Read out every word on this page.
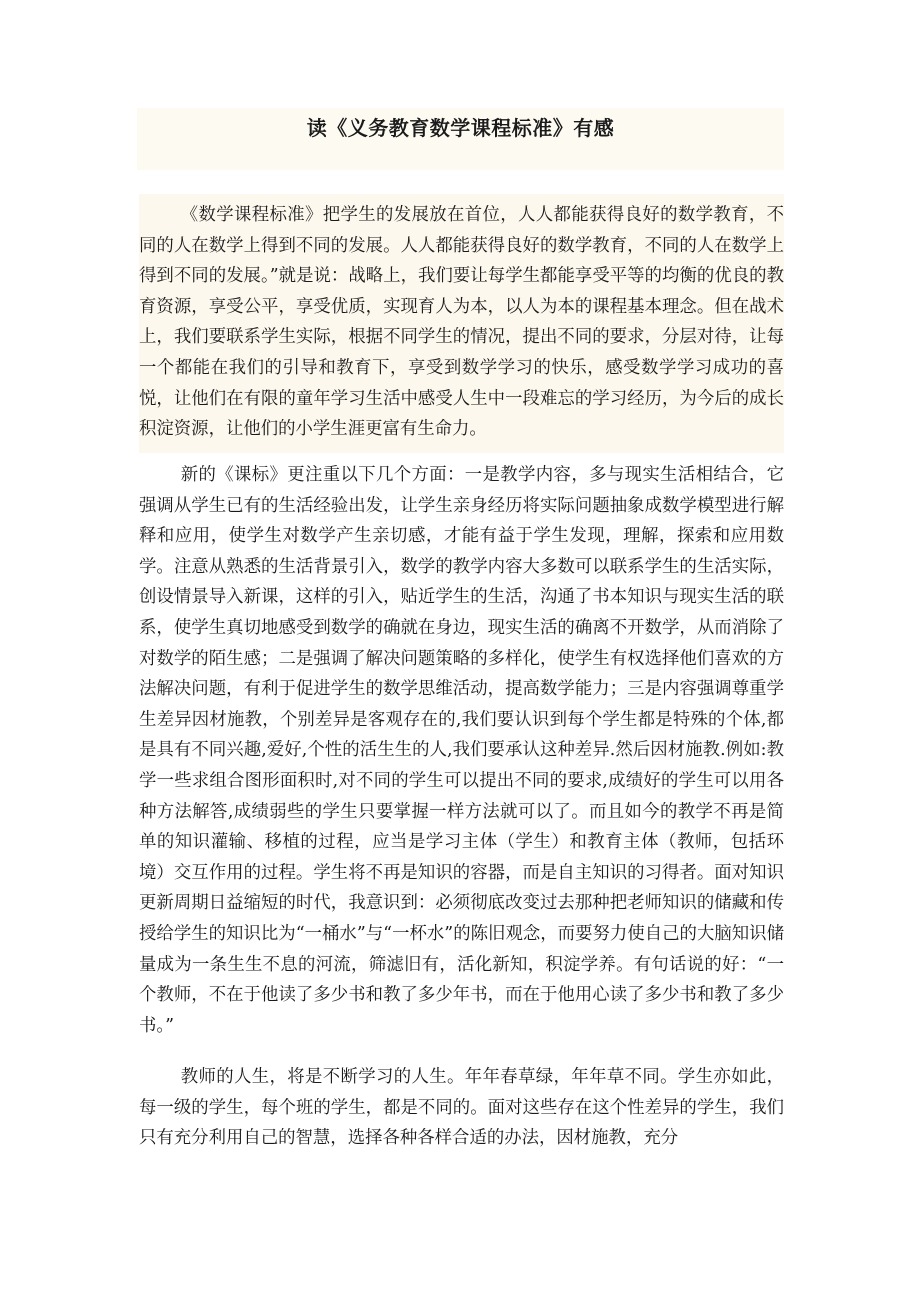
读《义务教育数学课程标准》有感

《数学课程标准》把学生的发展放在首位，人人都能获得良好的数学教育，不同的人在数学上得到不同的发展。人人都能获得良好的数学教育，不同的人在数学上得到不同的发展。”就是说：战略上，我们要让每学生都能享受平等的均衡的优良的教育资源，享受公平，享受优质，实现育人为本，以人为本的课程基本理念。但在战术上，我们要联系学生实际，根据不同学生的情况，提出不同的要求，分层对待，让每一个都能在我们的引导和教育下，享受到数学学习的快乐，感受数学学习成功的喜悦，让他们在有限的童年学习生活中感受人生中一段难忘的学习经历，为今后的成长积淀资源，让他们的小学生涯更富有生命力。

新的《课标》更注重以下几个方面：一是教学内容，多与现实生活相结合，它强调从学生已有的生活经验出发，让学生亲身经历将实际问题抽象成数学模型进行解释和应用，使学生对数学产生亲切感，才能有益于学生发现，理解，探索和应用数学。注意从熟悉的生活背景引入，数学的教学内容大多数可以联系学生的生活实际，创设情景导入新课，这样的引入，贴近学生的生活，沟通了书本知识与现实生活的联系，使学生真切地感受到数学的确就在身边，现实生活的确离不开数学，从而消除了对数学的陌生感；二是强调了解决问题策略的多样化，使学生有权选择他们喜欢的方法解决问题，有利于促进学生的数学思维活动，提高数学能力；三是内容强调尊重学生差异因材施教，个别差异是客观存在的,我们要认识到每个学生都是特殊的个体,都是具有不同兴趣,爱好,个性的活生生的人,我们要承认这种差异.然后因材施教.例如:教学一些求组合图形面积时,对不同的学生可以提出不同的要求,成绩好的学生可以用各种方法解答,成绩弱些的学生只要掌握一样方法就可以了。而且如今的教学不再是简单的知识灌输、移植的过程，应当是学习主体（学生）和教育主体（教师，包括环境）交互作用的过程。学生将不再是知识的容器，而是自主知识的习得者。面对知识更新周期日益缩短的时代，我意识到：必须彻底改变过去那种把老师知识的储藏和传授给学生的知识比为“一桶水”与“一杯水”的陈旧观念，而要努力使自己的大脑知识储量成为一条生生不息的河流，筛滤旧有，活化新知，积淀学养。有句话说的好：“一个教师，不在于他读了多少书和教了多少年书，而在于他用心读了多少书和教了多少书。”

教师的人生，将是不断学习的人生。年年春草绿，年年草不同。学生亦如此，每一级的学生，每个班的学生，都是不同的。面对这些存在这个性差异的学生，我们只有充分利用自己的智慧，选择各种各样合适的办法，因材施教，充分
